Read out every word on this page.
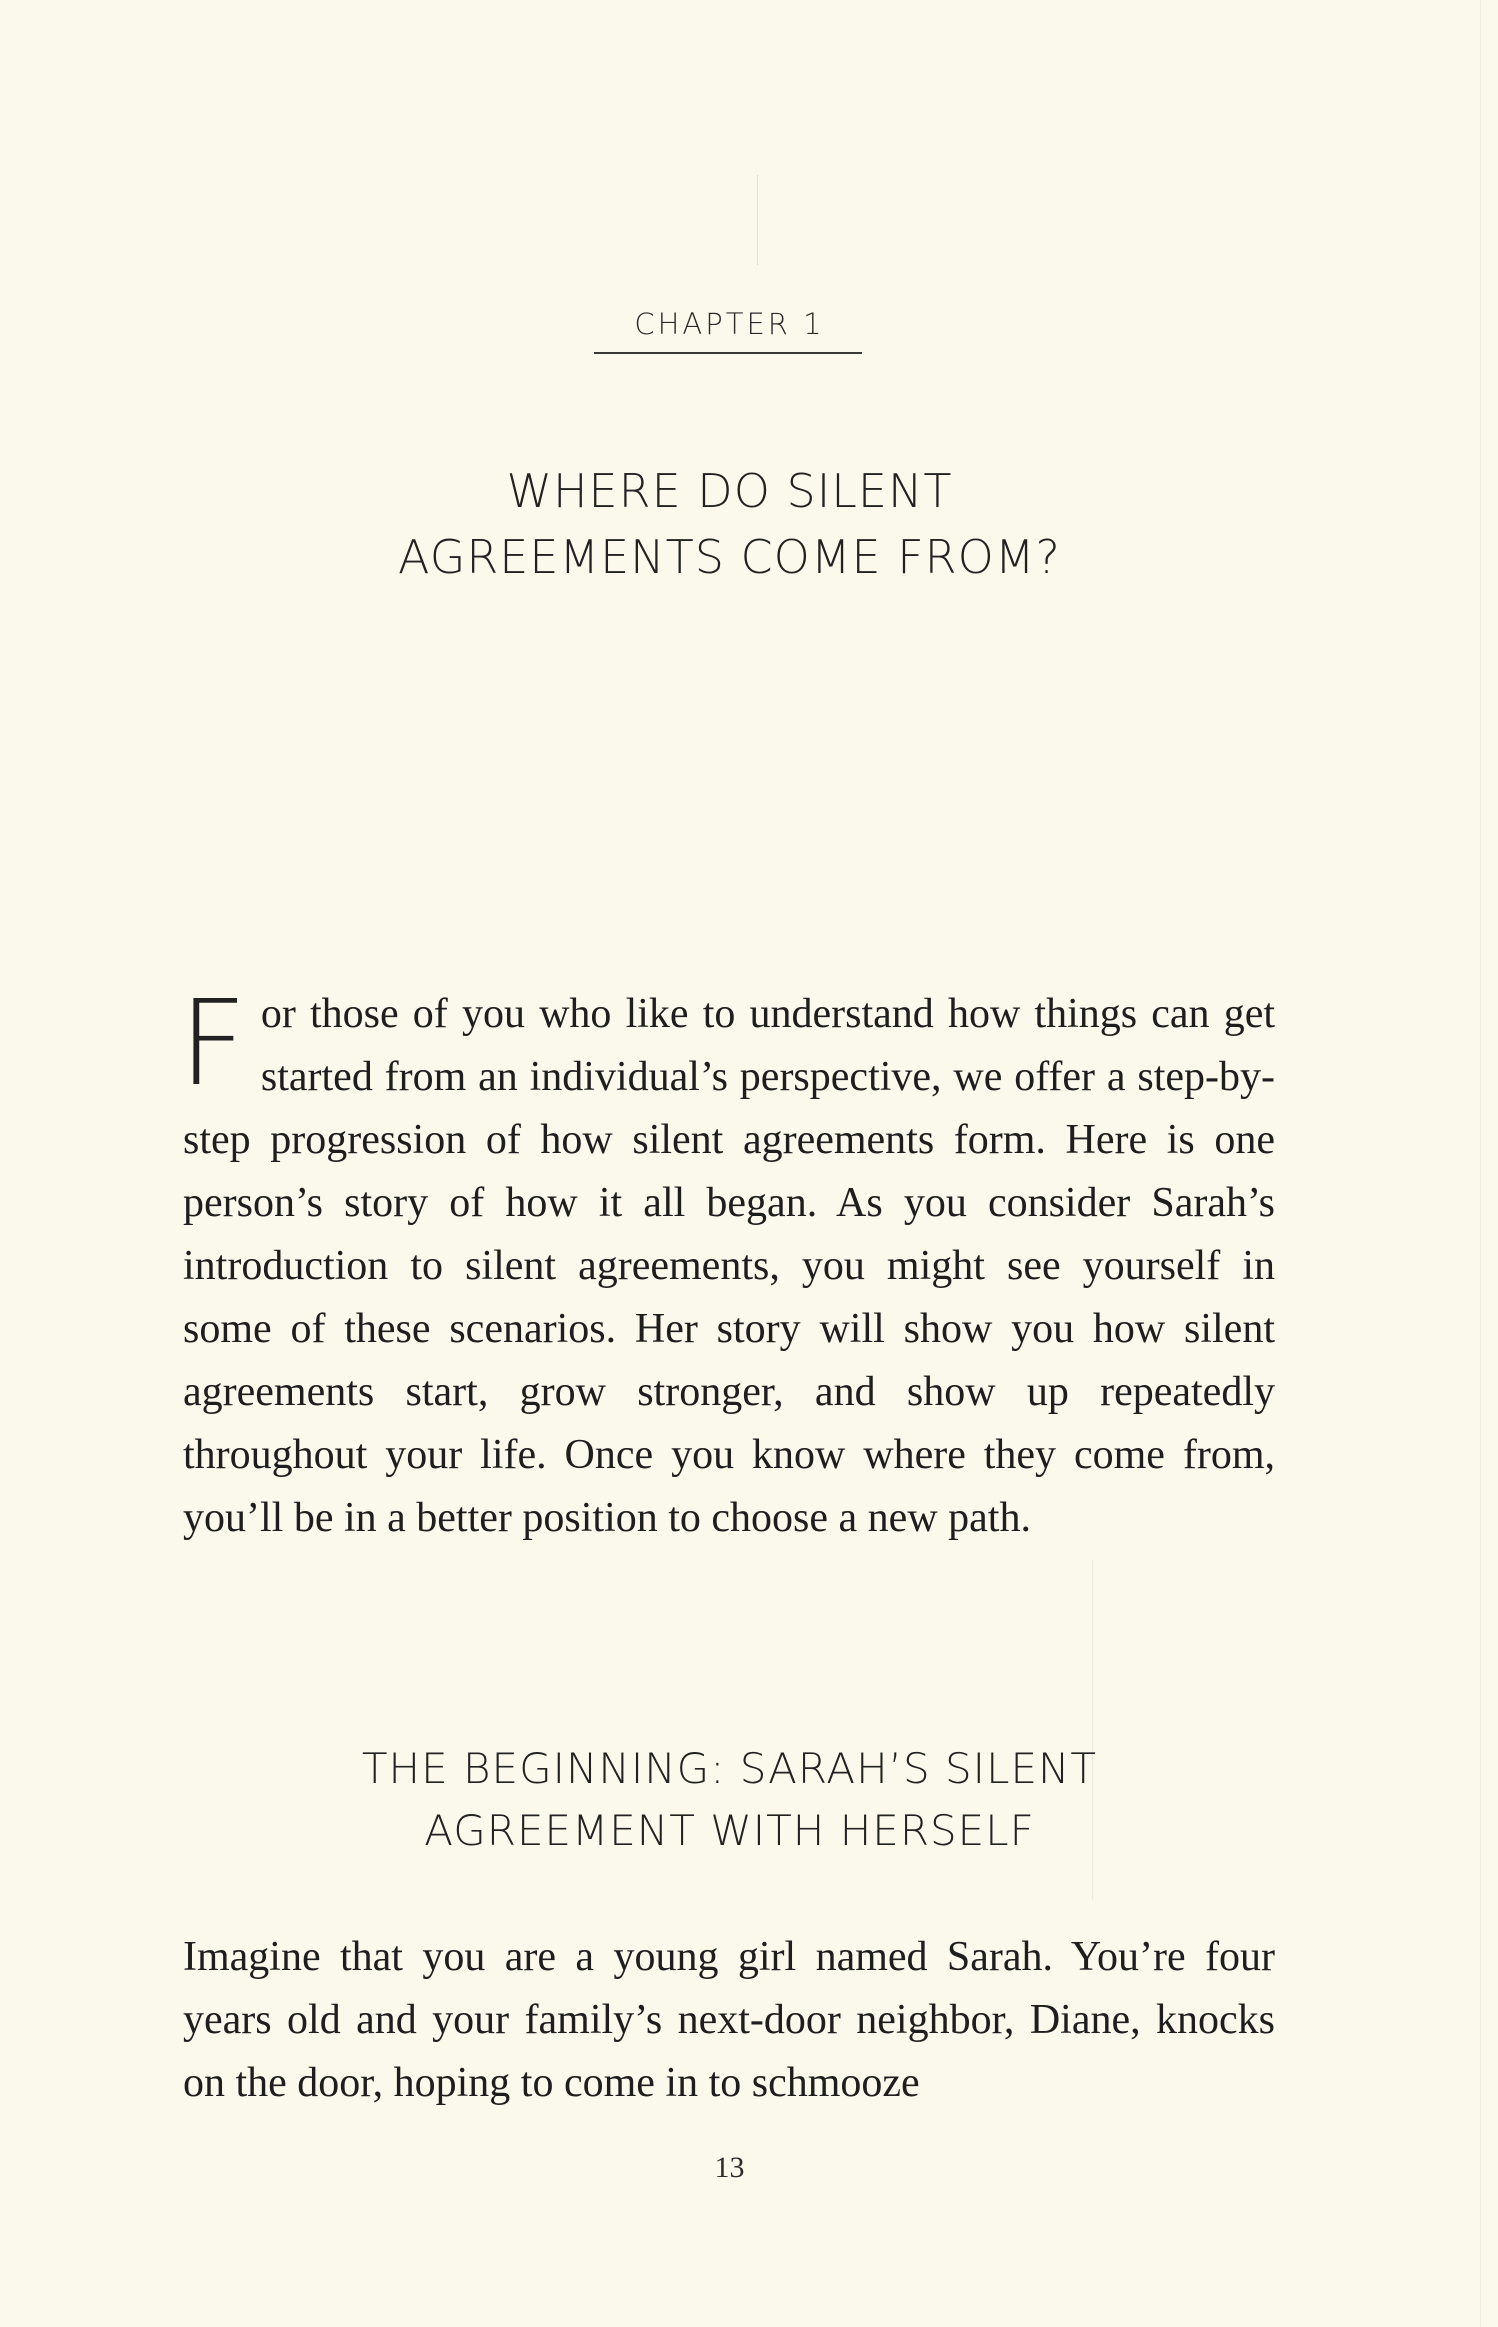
CHAPTER 1
WHERE DO SILENT
AGREEMENTS COME FROM?
For those of you who like to understand how things can get started from an individual’s perspective, we offer a step-by-step progression of how silent agreements form. Here is one person’s story of how it all began. As you consider Sarah’s introduction to silent agreements, you might see yourself in some of these scenarios. Her story will show you how silent agreements start, grow stronger, and show up repeatedly throughout your life. Once you know where they come from, you’ll be in a better position to choose a new path.
THE BEGINNING: SARAH’S SILENT
AGREEMENT WITH HERSELF
Imagine that you are a young girl named Sarah. You’re four years old and your family’s next-door neighbor, Diane, knocks on the door, hoping to come in to schmooze
13
